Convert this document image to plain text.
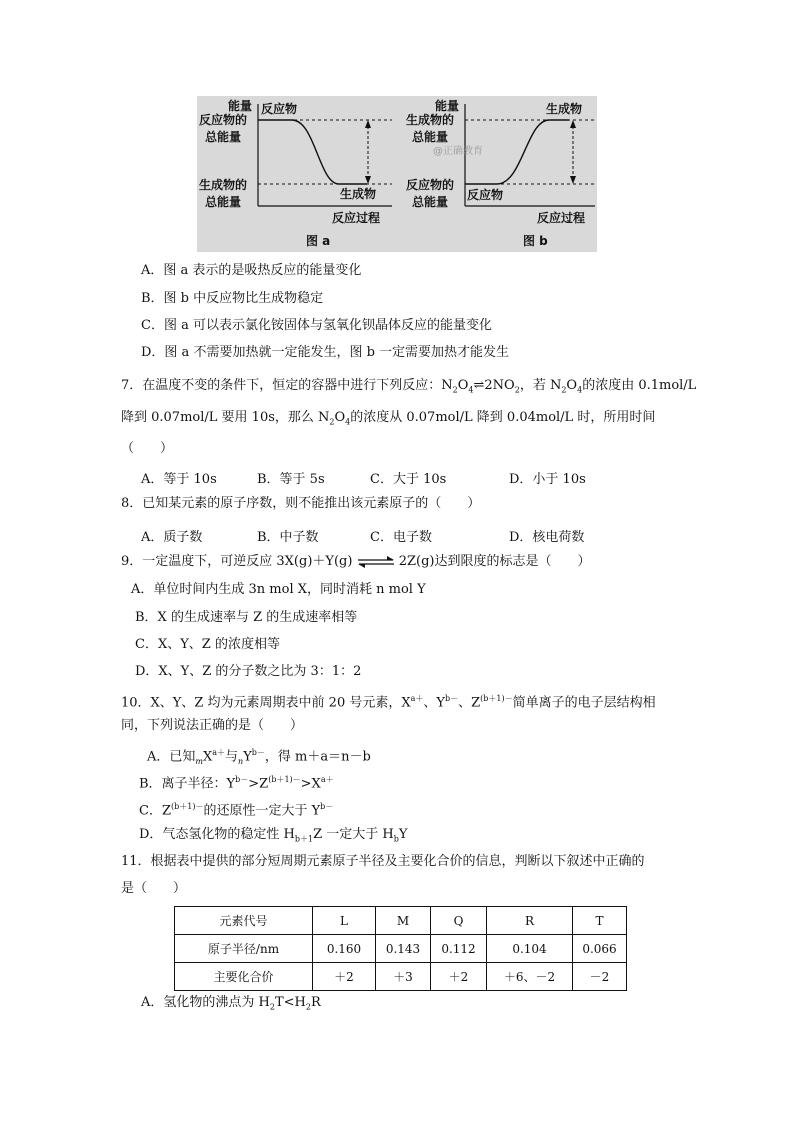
能量 反应物
反应物的
总能量
生成物的
总能量
生成物
反应过程
图 a
能量	生成物
生成物的
总能量
反应物的
总能量 反应物
反应过程
图 b
@正确教育
A．图 a 表示的是吸热反应的能量变化
B．图 b 中反应物比生成物稳定
C．图 a 可以表示氯化铵固体与氢氧化钡晶体反应的能量变化
D．图 a 不需要加热就一定能发生，图 b 一定需要加热才能发生
7．在温度不变的条件下，恒定的容器中进行下列反应：$N_2O_4\rightleftharpoons 2NO_2$，若 $N_2O_4$的浓度由 0.1mol/L
降到 0.07mol/L 要用 10s，那么 $N_2O_4$的浓度从 0.07mol/L 降到 0.04mol/L 时，所用时间
（　　）
A．等于 10s	B．等于 5s	C．大于 10s	D．小于 10s
8．已知某元素的原子序数，则不能推出该元素原子的（　　）
A．质子数	B．中子数	C．电子数	D．核电荷数
9．一定温度下，可逆反应 3X(g)＋Y(g) ⇌ 2Z(g)达到限度的标志是（　　）
A．单位时间内生成 3n mol X，同时消耗 n mol Y
B．X 的生成速率与 Z 的生成速率相等
C．X、Y、Z 的浓度相等
D．X、Y、Z 的分子数之比为 3：1：2
10．X、Y、Z 均为元素周期表中前 20 号元素，$X^{a+}$、$Y^{b-}$、$Z^{(b+1)-}$简单离子的电子层结构相
同，下列说法正确的是（　　）
A．已知$_mX^{a+}$与$_nY^{b-}$，得 m＋a＝n－b
B．离子半径：$Y^{b-}>Z^{(b+1)-}>X^{a+}$
C．$Z^{(b+1)-}$的还原性一定大于 $Y^{b-}$
D．气态氢化物的稳定性 $H_{b+1}Z$ 一定大于 $H_bY$
11．根据表中提供的部分短周期元素原子半径及主要化合价的信息，判断以下叙述中正确的
是（　　）
元素代号	L	M	Q	R	T
原子半径/nm	0.160	0.143	0.112	0.104	0.066
主要化合价	＋2	＋3	＋2	＋6、－2	－2
A．氢化物的沸点为 $H_2T<H_2R$
